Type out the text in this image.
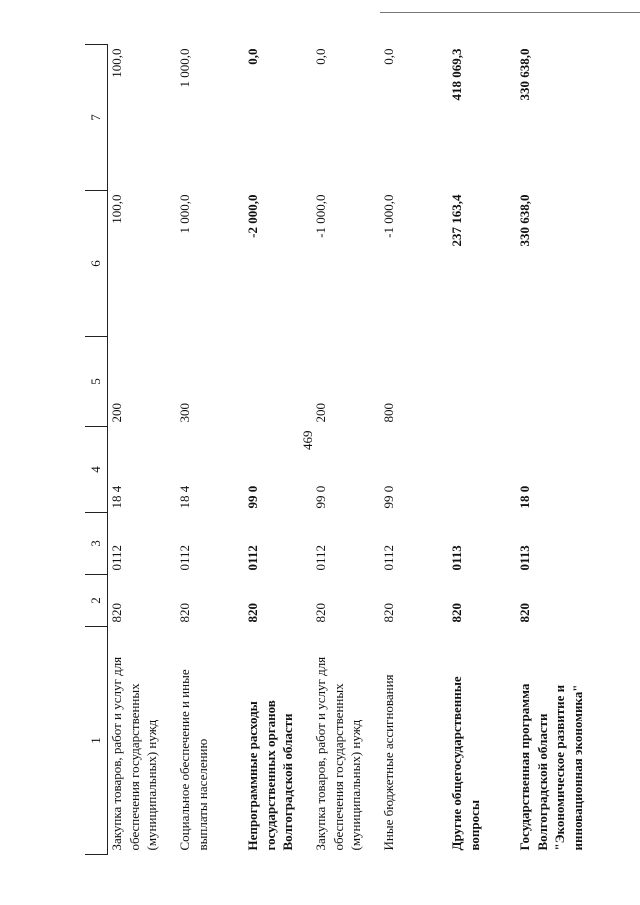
469
1	2	3	4	5	6	7
Закупка товаров, работ и услуг для обеспечения государственных (муниципальных) нужд	820	0112	18 4	200	100,0	100,0
Социальное обеспечение и иные выплаты населению	820	0112	18 4	300	1 000,0	1 000,0
Непрограммные расходы государственных органов Волгоградской области	820	0112	99 0		-2 000,0	0,0
Закупка товаров, работ и услуг для обеспечения государственных (муниципальных) нужд	820	0112	99 0	200	-1 000,0	0,0
Иные бюджетные ассигнования	820	0112	99 0	800	-1 000,0	0,0
Другие общегосударственные вопросы	820	0113			237 163,4	418 069,3
Государственная программа Волгоградской области "Экономическое развитие и инновационная экономика"	820	0113	18 0		330 638,0	330 638,0
